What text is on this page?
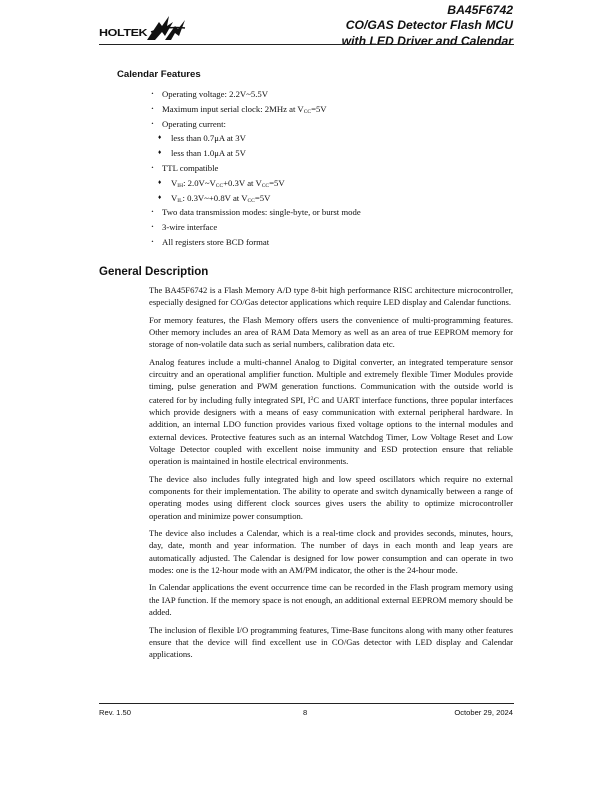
HOLTEK
BA45F6742
CO/GAS Detector Flash MCU
with LED Driver and Calendar
Calendar Features
· Operating voltage: 2.2V~5.5V
· Maximum input serial clock: 2MHz at $V_{CC}=5V$
· Operating current:
♦ less than 0.7μA at 3V
♦ less than 1.0μA at 5V
· TTL compatible
♦ $V_{IH}$: $2.0V\sim V_{CC}+0.3V$ at $V_{CC}=5V$
♦ $V_{IL}$: 0.3V~+0.8V at $V_{CC}=5V$
· Two data transmission modes: single-byte, or burst mode
· 3-wire interface
· All registers store BCD format
General Description

The BA45F6742 is a Flash Memory A/D type 8-bit high performance RISC architecture microcontroller, especially designed for CO/Gas detector applications which require LED display and Calendar functions.

For memory features, the Flash Memory offers users the convenience of multi-programming features. Other memory includes an area of RAM Data Memory as well as an area of true EEPROM memory for storage of non-volatile data such as serial numbers, calibration data etc.

Analog features include a multi-channel Analog to Digital converter, an integrated temperature sensor circuitry and an operational amplifier function. Multiple and extremely flexible Timer Modules provide timing, pulse generation and PWM generation functions. Communication with the outside world is catered for by including fully integrated SPI, $I^2C$ and UART interface functions, three popular interfaces which provide designers with a means of easy communication with external peripheral hardware. In addition, an internal LDO function provides various fixed voltage options to the internal modules and external devices. Protective features such as an internal Watchdog Timer, Low Voltage Reset and Low Voltage Detector coupled with excellent noise immunity and ESD protection ensure that reliable operation is maintained in hostile electrical environments.

The device also includes fully integrated high and low speed oscillators which require no external components for their implementation. The ability to operate and switch dynamically between a range of operating modes using different clock sources gives users the ability to optimize microcontroller operation and minimize power consumption.

The device also includes a Calendar, which is a real-time clock and provides seconds, minutes, hours, day, date, month and year information. The number of days in each month and leap years are automatically adjusted. The Calendar is designed for low power consumption and can operate in two modes: one is the 12-hour mode with an AM/PM indicator, the other is the 24-hour mode.

In Calendar applications the event occurrence time can be recorded in the Flash program memory using the IAP function. If the memory space is not enough, an additional external EEPROM memory should be added.

The inclusion of flexible I/O programming features, Time-Base funcitons along with many other features ensure that the device will find excellent use in CO/Gas detector with LED display and Calendar applications.

Rev. 1.50	8	October 29, 2024
